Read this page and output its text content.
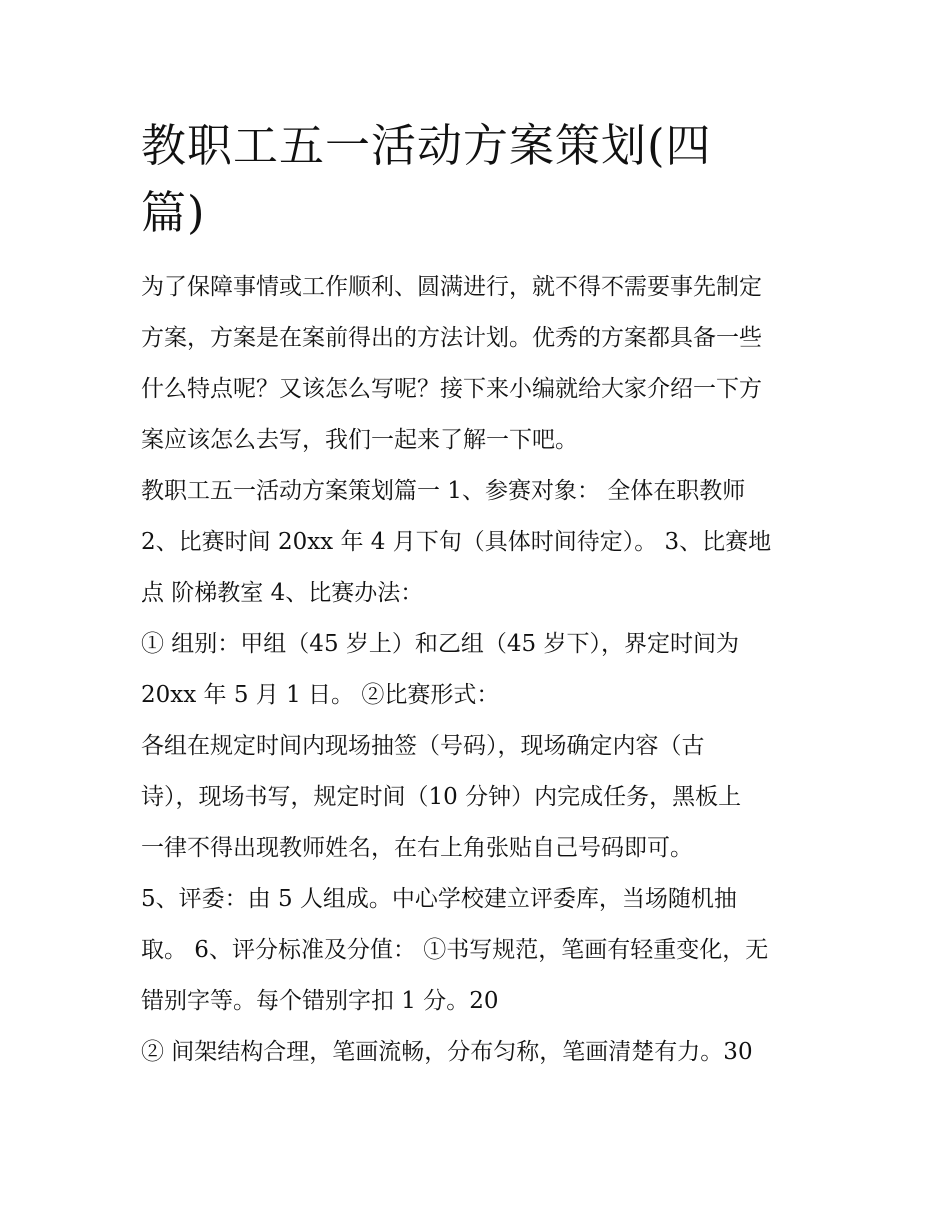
教职工五一活动方案策划(四
篇)

为了保障事情或工作顺利、圆满进行，就不得不需要事先制定
方案，方案是在案前得出的方法计划。优秀的方案都具备一些
什么特点呢？又该怎么写呢？接下来小编就给大家介绍一下方
案应该怎么去写，我们一起来了解一下吧。

教职工五一活动方案策划篇一 1、参赛对象： 全体在职教师
2、比赛时间 20xx 年 4 月下旬（具体时间待定）。 3、比赛地
点 阶梯教室 4、比赛办法：

① 组别：甲组（45 岁上）和乙组（45 岁下），界定时间为
20xx 年 5 月 1 日。 ②比赛形式：

各组在规定时间内现场抽签（号码），现场确定内容（古
诗），现场书写，规定时间（10 分钟）内完成任务，黑板上
一律不得出现教师姓名，在右上角张贴自己号码即可。

5、评委：由 5 人组成。中心学校建立评委库，当场随机抽
取。 6、评分标准及分值： ①书写规范，笔画有轻重变化，无
错别字等。每个错别字扣 1 分。20

② 间架结构合理，笔画流畅，分布匀称，笔画清楚有力。30
